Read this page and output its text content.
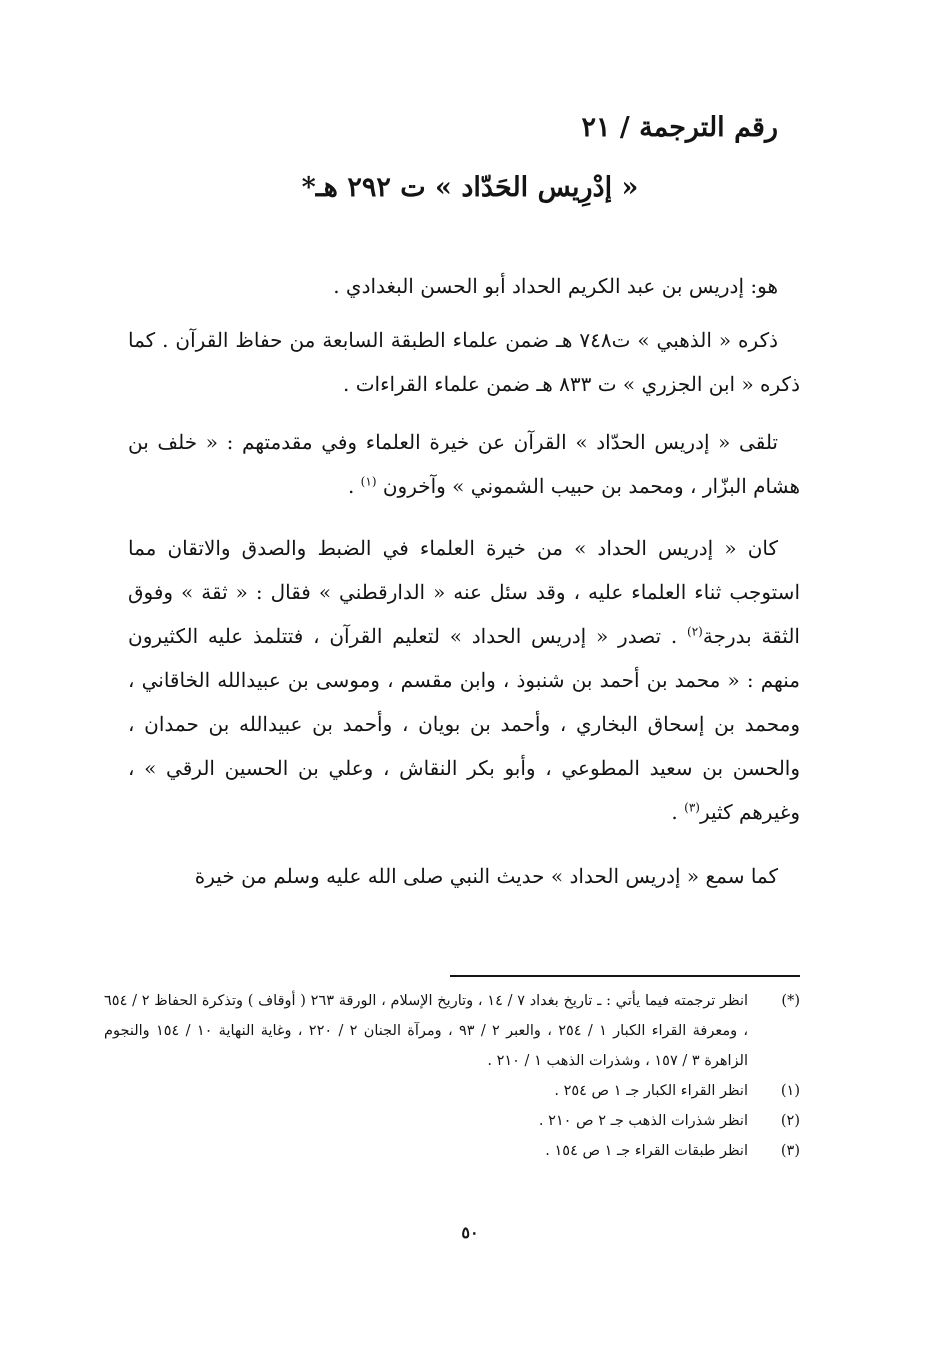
رقم الترجمة / ٢١
« إدْرِيس الحَدّاد » ت ٢٩٢ هـ*

هو: إدريس بن عبد الكريم الحداد أبو الحسن البغدادي .

ذكره « الذهبي » ت٧٤٨ هـ ضمن علماء الطبقة السابعة من حفاظ القرآن . كما ذكره « ابن الجزري » ت ٨٣٣ هـ ضمن علماء القراءات .

تلقى « إدريس الحدّاد » القرآن عن خيرة العلماء وفي مقدمتهم : « خلف بن هشام البزّار ، ومحمد بن حبيب الشموني » وآخرون $^{(١)}$ .

كان « إدريس الحداد » من خيرة العلماء في الضبط والصدق والاتقان مما استوجب ثناء العلماء عليه ، وقد سئل عنه « الدارقطني » فقال : « ثقة » وفوق الثقة بدرجة$^{(٢)}$ . تصدر « إدريس الحداد » لتعليم القرآن ، فتتلمذ عليه الكثيرون منهم : « محمد بن أحمد بن شنبوذ ، وابن مقسم ، وموسى بن عبيدالله الخاقاني ، ومحمد بن إسحاق البخاري ، وأحمد بن بويان ، وأحمد بن عبيدالله بن حمدان ، والحسن بن سعيد المطوعي ، وأبو بكر النقاش ، وعلي بن الحسين الرقي » ، وغيرهم كثير$^{(٣)}$ .

كما سمع « إدريس الحداد » حديث النبي صلى الله عليه وسلم من خيرة

(*)
انظر ترجمته فيما يأتي : ـ تاريخ بغداد ٧ / ١٤ ، وتاريخ الإسلام ، الورقة ٢٦٣ ( أوقاف ) وتذكرة الحفاظ ٢ / ٦٥٤ ، ومعرفة القراء الكبار ١ / ٢٥٤ ، والعبر ٢ / ٩٣ ، ومرآة الجنان ٢ / ٢٢٠ ، وغاية النهاية ١٠ / ١٥٤ والنجوم الزاهرة ٣ / ١٥٧ ، وشذرات الذهب ١ / ٢١٠ .
(١)
انظر القراء الكبار جـ ١ ص ٢٥٤ .
(٢)
انظر شذرات الذهب جـ ٢ ص ٢١٠ .
(٣)
انظر طبقات القراء جـ ١ ص ١٥٤ .
٥٠
